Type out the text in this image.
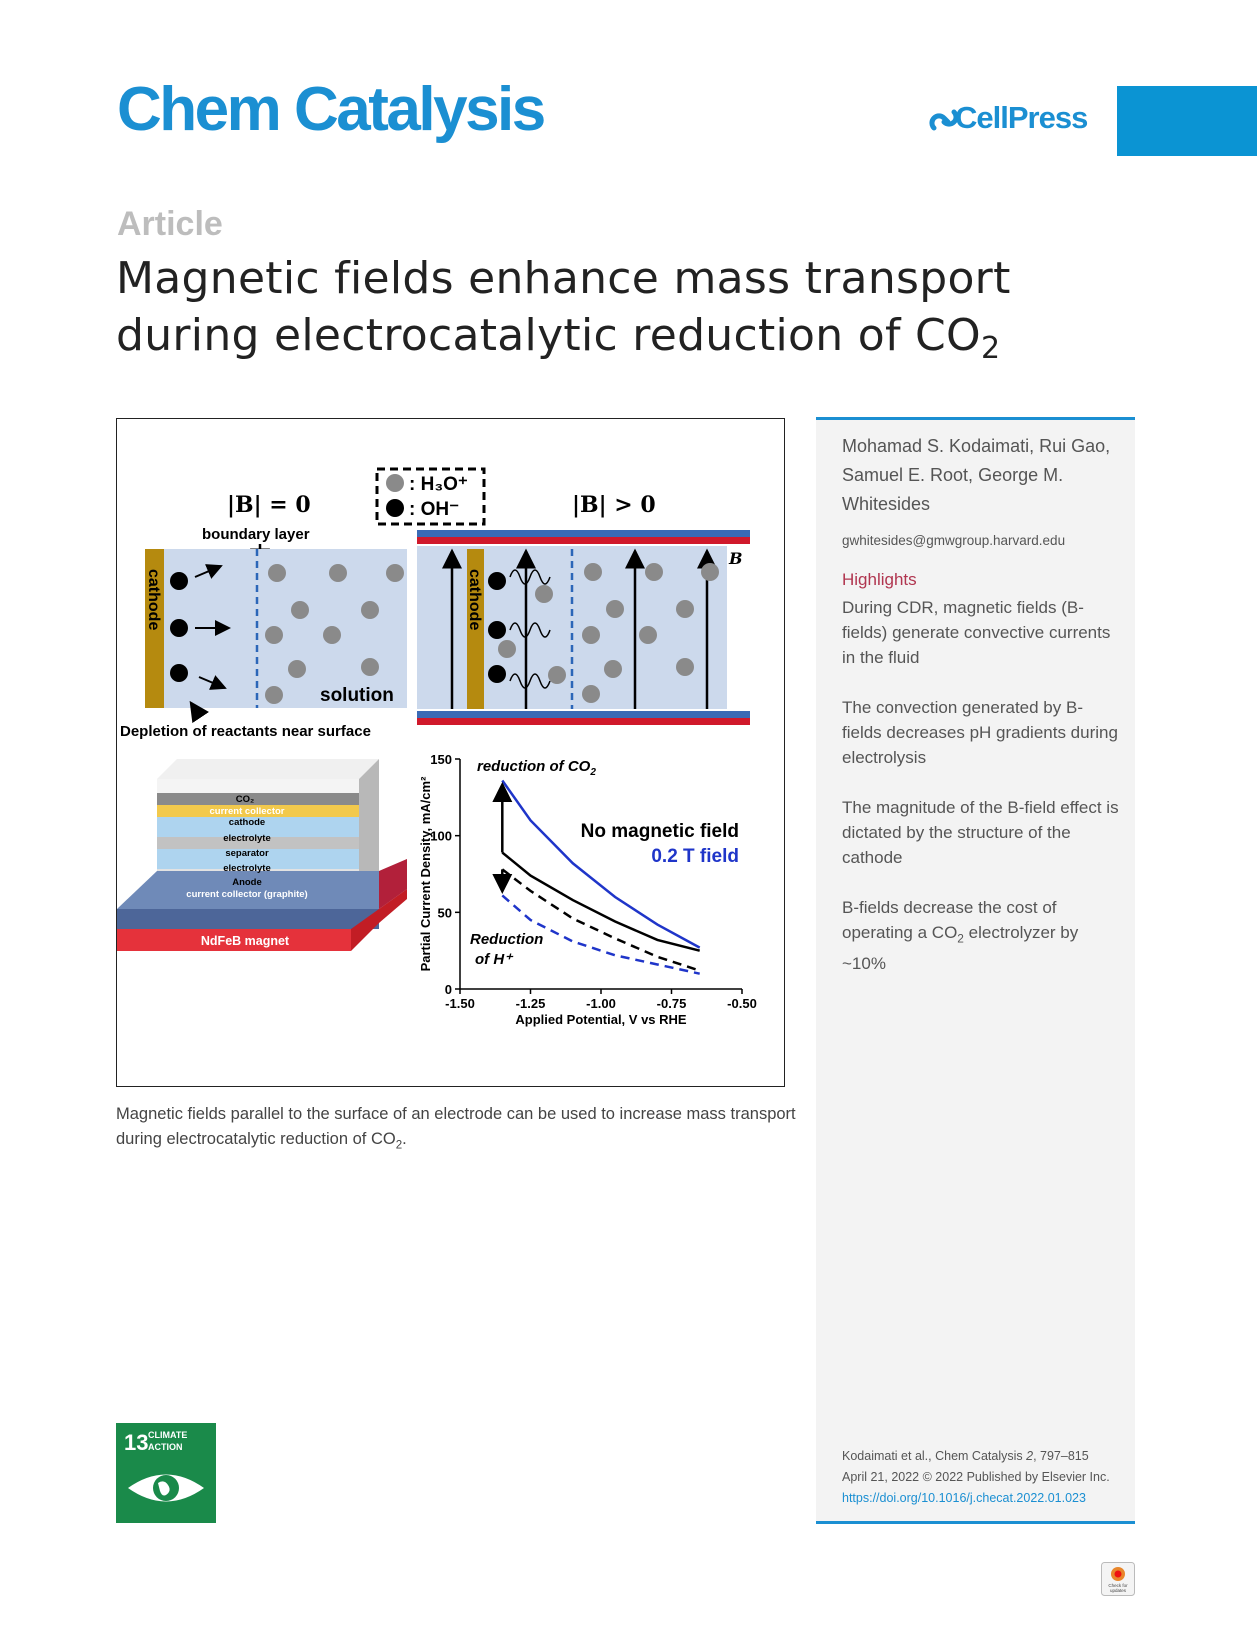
Chem Catalysis	CellPress
Article
Magnetic fields enhance mass transport
during electrocatalytic reduction of $CO_2$
: H₃O⁺
: OH⁻
|B| = 0
boundary layer
cathode
solution
Depletion of reactants near surface
|B| > 0
cathode
B
CO₂
current collector
cathode
electrolyte
separator
electrolyte
Anode
current collector (graphite)
NdFeB magnet
-1.50	-1.25	-1.00	-0.75	-0.50
0
50
100
150 reduction of $CO_2$
Reduction
of H⁺
No magnetic field
0.2 T field
Applied Potential, V vs RHE
Partial Current Density, mA/cm²
Magnetic fields parallel to the surface of an electrode can be used to increase mass transport during electrocatalytic reduction of $CO_2$.
Mohamad S. Kodaimati, Rui Gao, Samuel E. Root, George M. Whitesides
gwhitesides@gmwgroup.harvard.edu
Highlights
During CDR, magnetic fields (B-fields) generate convective currents in the fluid
The convection generated by B-fields decreases pH gradients during electrolysis
The magnitude of the B-field effect is dictated by the structure of the cathode
B-fields decrease the cost of operating a $CO_2$ electrolyzer by ~10%
Kodaimati et al., Chem Catalysis 2, 797–815
April 21, 2022 © 2022 Published by Elsevier Inc.
https://doi.org/10.1016/j.checat.2022.01.023
13 CLIMATE
ACTION
Check for
updates
